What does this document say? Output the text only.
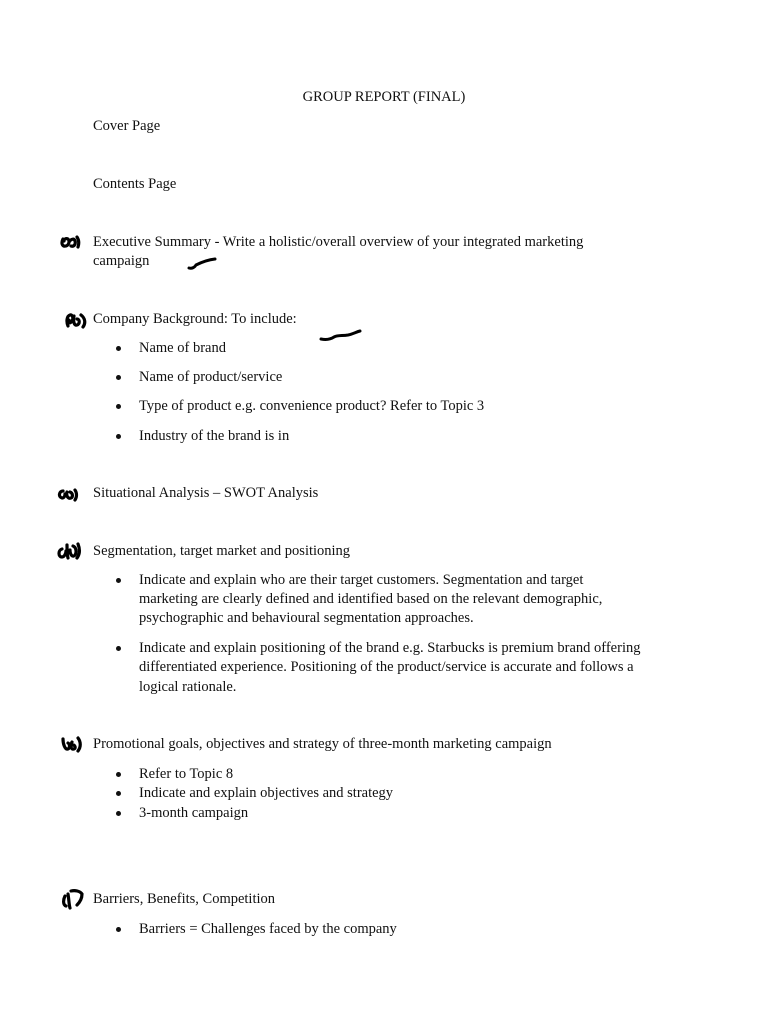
GROUP REPORT (FINAL)
Cover Page
Contents Page
Executive Summary - Write a holistic/overall overview of your integrated marketing
campaign
Company Background: To include:
Name of brand
Name of product/service
Type of product e.g. convenience product? Refer to Topic 3
Industry of the brand is in
Situational Analysis – SWOT Analysis
Segmentation, target market and positioning
Indicate and explain who are their target customers. Segmentation and target
marketing are clearly defined and identified based on the relevant demographic,
psychographic and behavioural segmentation approaches.
Indicate and explain positioning of the brand e.g. Starbucks is premium brand offering
differentiated experience. Positioning of the product/service is accurate and follows a
logical rationale.
Promotional goals, objectives and strategy of three-month marketing campaign
Refer to Topic 8
Indicate and explain objectives and strategy
3-month campaign
Barriers, Benefits, Competition
Barriers = Challenges faced by the company
